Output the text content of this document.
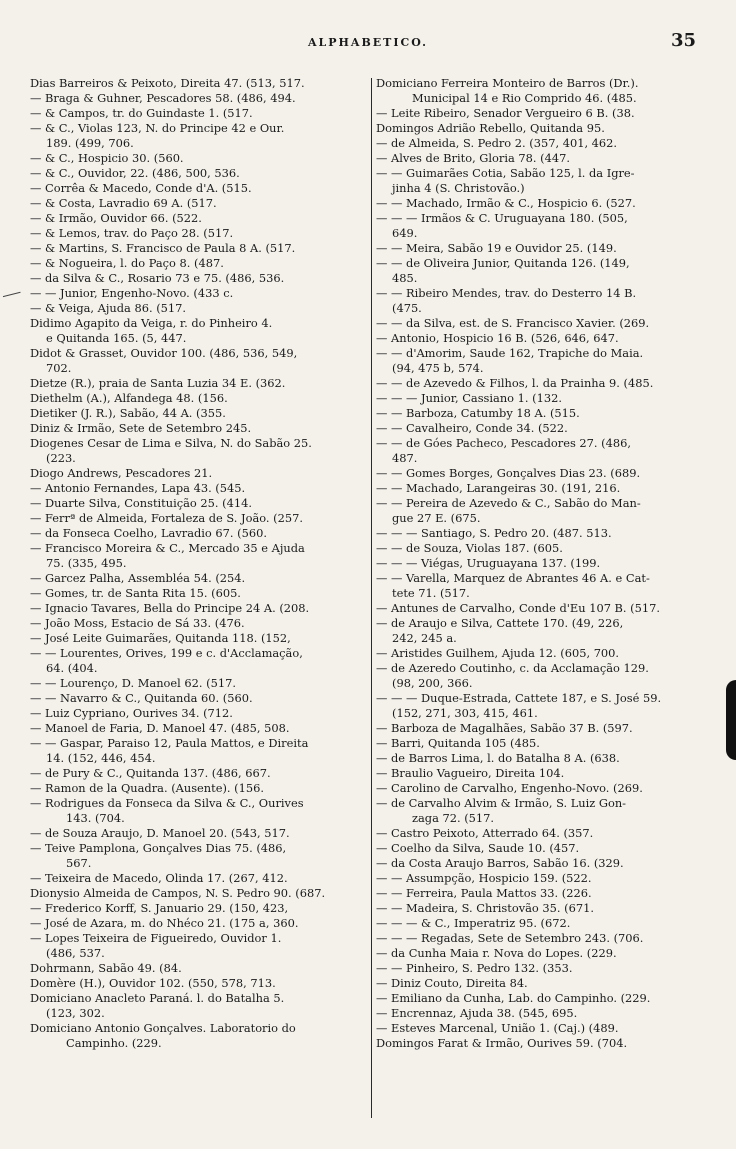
ALPHABETICO.	35
Dias Barreiros & Peixoto, Direita 47. (513, 517.
— Braga & Guhner, Pescadores 58. (486, 494.
— & Campos, tr. do Guindaste 1. (517.
— & C., Violas 123, N. do Principe 42 e Our.
189. (499, 706.
— & C., Hospicio 30. (560.
— & C., Ouvidor, 22. (486, 500, 536.
— Corrêa & Macedo, Conde d'A. (515.
— & Costa, Lavradio 69 A. (517.
— & Irmão, Ouvidor 66. (522.
— & Lemos, trav. do Paço 28. (517.
— & Martins, S. Francisco de Paula 8 A. (517.
— & Nogueira, l. do Paço 8. (487.
— da Silva & C., Rosario 73 e 75. (486, 536.
— — Junior, Engenho-Novo. (433 c.
— & Veiga, Ajuda 86. (517.
Didimo Agapito da Veiga, r. do Pinheiro 4.
e Quitanda 165. (5, 447.
Didot & Grasset, Ouvidor 100. (486, 536, 549,
702.
Dietze (R.), praia de Santa Luzia 34 E. (362.
Diethelm (A.), Alfandega 48. (156.
Dietiker (J. R.), Sabão, 44 A. (355.
Diniz & Irmão, Sete de Setembro 245.
Diogenes Cesar de Lima e Silva, N. do Sabão 25.
(223.
Diogo Andrews, Pescadores 21.
— Antonio Fernandes, Lapa 43. (545.
— Duarte Silva, Constituição 25. (414.
— Ferrª de Almeida, Fortaleza de S. João. (257.
— da Fonseca Coelho, Lavradio 67. (560.
— Francisco Moreira & C., Mercado 35 e Ajuda
75. (335, 495.
— Garcez Palha, Assembléa 54. (254.
— Gomes, tr. de Santa Rita 15. (605.
— Ignacio Tavares, Bella do Principe 24 A. (208.
— João Moss, Estacio de Sá 33. (476.
— José Leite Guimarães, Quitanda 118. (152,
— — Lourentes, Orives, 199 e c. d'Acclamação,
64. (404.
— — Lourenço, D. Manoel 62. (517.
— — Navarro & C., Quitanda 60. (560.
— Luiz Cypriano, Ourives 34. (712.
— Manoel de Faria, D. Manoel 47. (485, 508.
— — Gaspar, Paraiso 12, Paula Mattos, e Direita
14. (152, 446, 454.
— de Pury & C., Quitanda 137. (486, 667.
— Ramon de la Quadra. (Ausente). (156.
— Rodrigues da Fonseca da Silva & C., Ourives
143. (704.
— de Souza Araujo, D. Manoel 20. (543, 517.
— Teive Pamplona, Gonçalves Dias 75. (486,
567.
— Teixeira de Macedo, Olinda 17. (267, 412.
Dionysio Almeida de Campos, N. S. Pedro 90. (687.
— Frederico Korff, S. Januario 29. (150, 423,
— José de Azara, m. do Nhéco 21. (175 a, 360.
— Lopes Teixeira de Figueiredo, Ouvidor 1.
(486, 537.
Dohrmann, Sabão 49. (84.
Domère (H.), Ouvidor 102. (550, 578, 713.
Domiciano Anacleto Paraná. l. do Batalha 5.
(123, 302.
Domiciano Antonio Gonçalves. Laboratorio do
Campinho. (229.
Domiciano Ferreira Monteiro de Barros (Dr.).
Municipal 14 e Rio Comprido 46. (485.
— Leite Ribeiro, Senador Vergueiro 6 B. (38.
Domingos Adrião Rebello, Quitanda 95.
— de Almeida, S. Pedro 2. (357, 401, 462.
— Alves de Brito, Gloria 78. (447.
— — Guimarães Cotia, Sabão 125, l. da Igre-
jinha 4 (S. Christovão.)
— — Machado, Irmão & C., Hospicio 6. (527.
— — — Irmãos & C. Uruguayana 180. (505,
649.
— — Meira, Sabão 19 e Ouvidor 25. (149.
— — de Oliveira Junior, Quitanda 126. (149,
485.
— — Ribeiro Mendes, trav. do Desterro 14 B.
(475.
— — da Silva, est. de S. Francisco Xavier. (269.
— Antonio, Hospicio 16 B. (526, 646, 647.
— — d'Amorim, Saude 162, Trapiche do Maia.
(94, 475 b, 574.
— — de Azevedo & Filhos, l. da Prainha 9. (485.
— — — Junior, Cassiano 1. (132.
— — Barboza, Catumby 18 A. (515.
— — Cavalheiro, Conde 34. (522.
— — de Góes Pacheco, Pescadores 27. (486,
487.
— — Gomes Borges, Gonçalves Dias 23. (689.
— — Machado, Larangeiras 30. (191, 216.
— — Pereira de Azevedo & C., Sabão do Man-
gue 27 E. (675.
— — — Santiago, S. Pedro 20. (487. 513.
— — de Souza, Violas 187. (605.
— — — Viégas, Uruguayana 137. (199.
— — Varella, Marquez de Abrantes 46 A. e Cat-
tete 71. (517.
— Antunes de Carvalho, Conde d'Eu 107 B. (517.
— de Araujo e Silva, Cattete 170. (49, 226,
242, 245 a.
— Aristides Guilhem, Ajuda 12. (605, 700.
— de Azeredo Coutinho, c. da Acclamação 129.
(98, 200, 366.
— — — Duque-Estrada, Cattete 187, e S. José 59.
(152, 271, 303, 415, 461.
— Barboza de Magalhães, Sabão 37 B. (597.
— Barri, Quitanda 105 (485.
— de Barros Lima, l. do Batalha 8 A. (638.
— Braulio Vagueiro, Direita 104.
— Carolino de Carvalho, Engenho-Novo. (269.
— de Carvalho Alvim & Irmão, S. Luiz Gon-
zaga 72. (517.
— Castro Peixoto, Atterrado 64. (357.
— Coelho da Silva, Saude 10. (457.
— da Costa Araujo Barros, Sabão 16. (329.
— — Assumpção, Hospicio 159. (522.
— — Ferreira, Paula Mattos 33. (226.
— — Madeira, S. Christovão 35. (671.
— — — & C., Imperatriz 95. (672.
— — — Regadas, Sete de Setembro 243. (706.
— da Cunha Maia r. Nova do Lopes. (229.
— — Pinheiro, S. Pedro 132. (353.
— Diniz Couto, Direita 84.
— Emiliano da Cunha, Lab. do Campinho. (229.
— Encrennaz, Ajuda 38. (545, 695.
— Esteves Marcenal, União 1. (Caj.) (489.
Domingos Farat & Irmão, Ourives 59. (704.
